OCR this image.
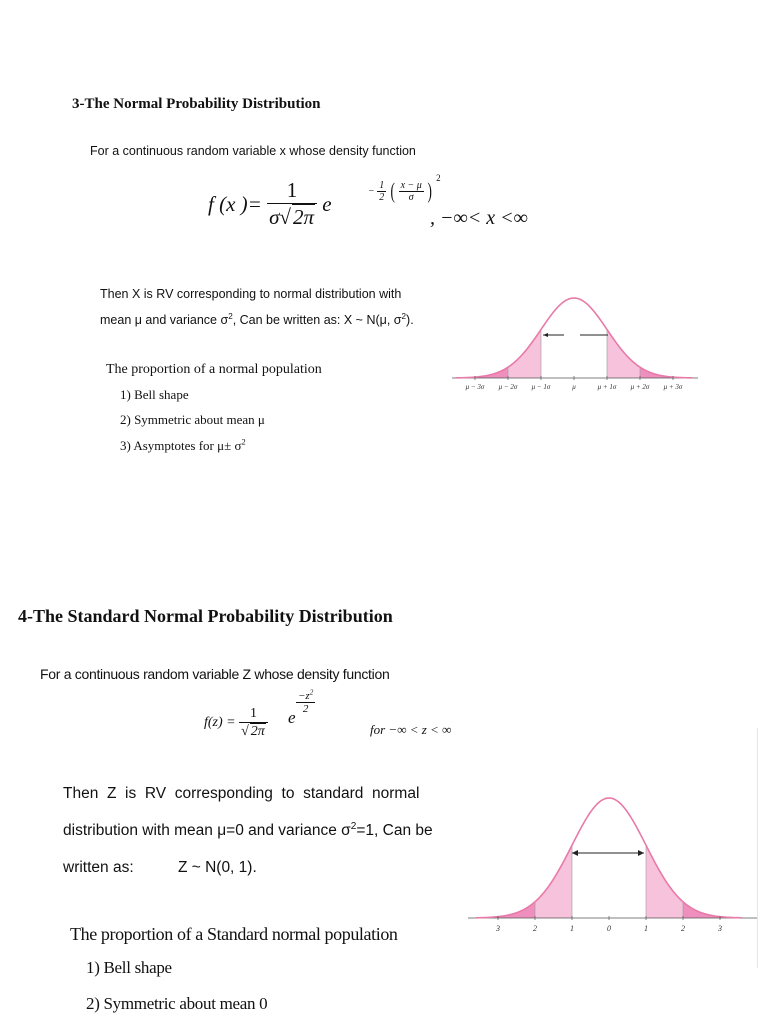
3-The Normal Probability Distribution
For a continuous random variable x whose density function
f (x )= $\frac{1}{\sigma√2\pi}$ e
− $\frac{1}{2}$ ( $\frac{x - \mu}{\sigma}$ ) 2
, −∞< x <∞
Then X is RV corresponding to normal distribution with
mean μ and variance $\sigma^2$, Can be written as: X ~ N(μ, $\sigma^2$).
The proportion of a normal population
1) Bell shape
2) Symmetric about mean μ
3) Asymptotes for $\mu\pm \sigma^2$
μ − 3σ μ − 2σ μ − 1σ	μ	μ + 1σ μ + 2σ μ + 3σ
4-The Standard Normal Probability Distribution
For a continuous random variable Z whose density function
$f(z) = \frac{1}{√ 2\pi}$ e
$\frac{-z^2}{2}$
for −∞ < z < ∞
Then  Z  is  RV  corresponding  to  standard  normal
distribution with mean μ=0 and variance $\sigma^2=1$, Can be
written as:	Z ~ N(0, 1).
The proportion of a Standard normal population
1) Bell shape
2) Symmetric about mean 0
3	2	1	0	1	2	3
